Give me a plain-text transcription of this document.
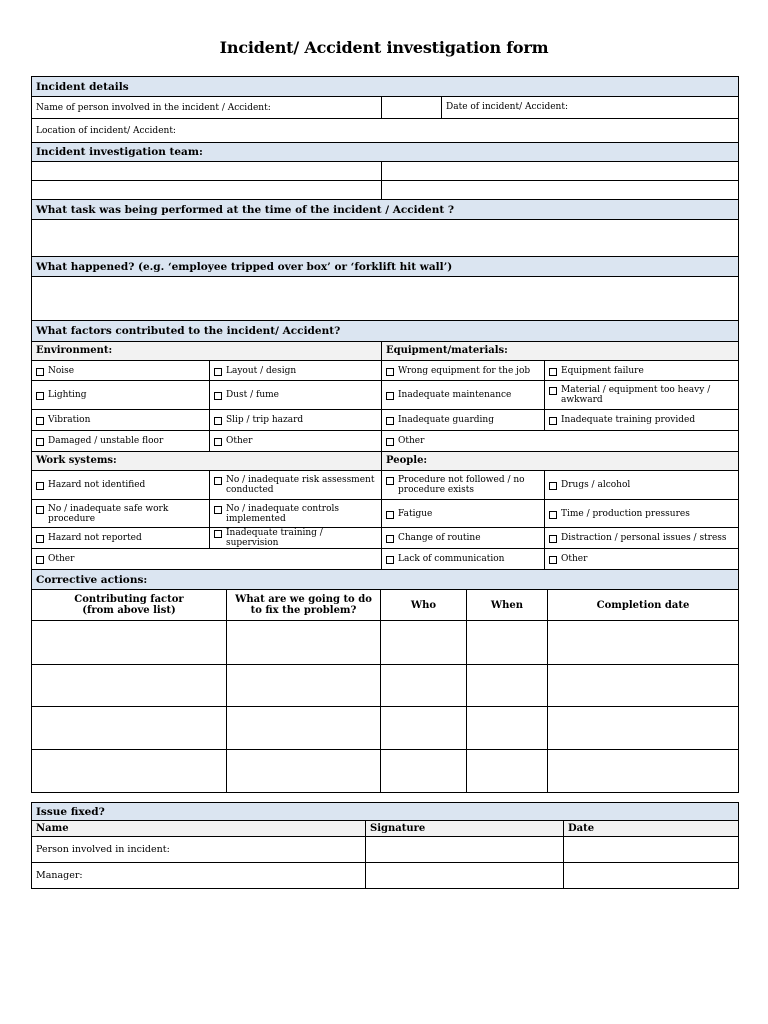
Incident/ Accident investigation form
Incident details			
Name of person involved in the incident / Accident:		Date of incident/ Accident:	

Location of incident/ Accident:			
Incident investigation team:			

What task was being performed at the time of the incident / Accident ?			

What happened? (e.g. ‘employee tripped over box’ or ‘forklift hit wall’)			

What factors contributed to the incident/ Accident?			
Environment:		Equipment/materials:	

Noise	Layout / design	Wrong equipment for the job	Equipment failure

Lighting	Dust / fume	Inadequate maintenance	Material / equipment too heavy / awkward

Vibration	Slip / trip hazard	Inadequate guarding	Inadequate training provided

Damaged / unstable floor	Other	Other	

Work systems:		People:	

Hazard not identified	No / inadequate risk assessment conducted	Procedure not followed / no procedure exists	Drugs / alcohol

No / inadequate safe work procedure	No / inadequate controls implemented	Fatigue	Time / production pressures

Hazard not reported	Inadequate training / supervision	Change of routine	Distraction / personal issues / stress

Other		Lack of communication	Other
Corrective actions:				

Contributing factor (from above list)	What are we going to do to fix the problem?	Who	When	Completion date

Issue fixed?		
Name	Signature	Date
Person involved in incident:		
Manager:		
